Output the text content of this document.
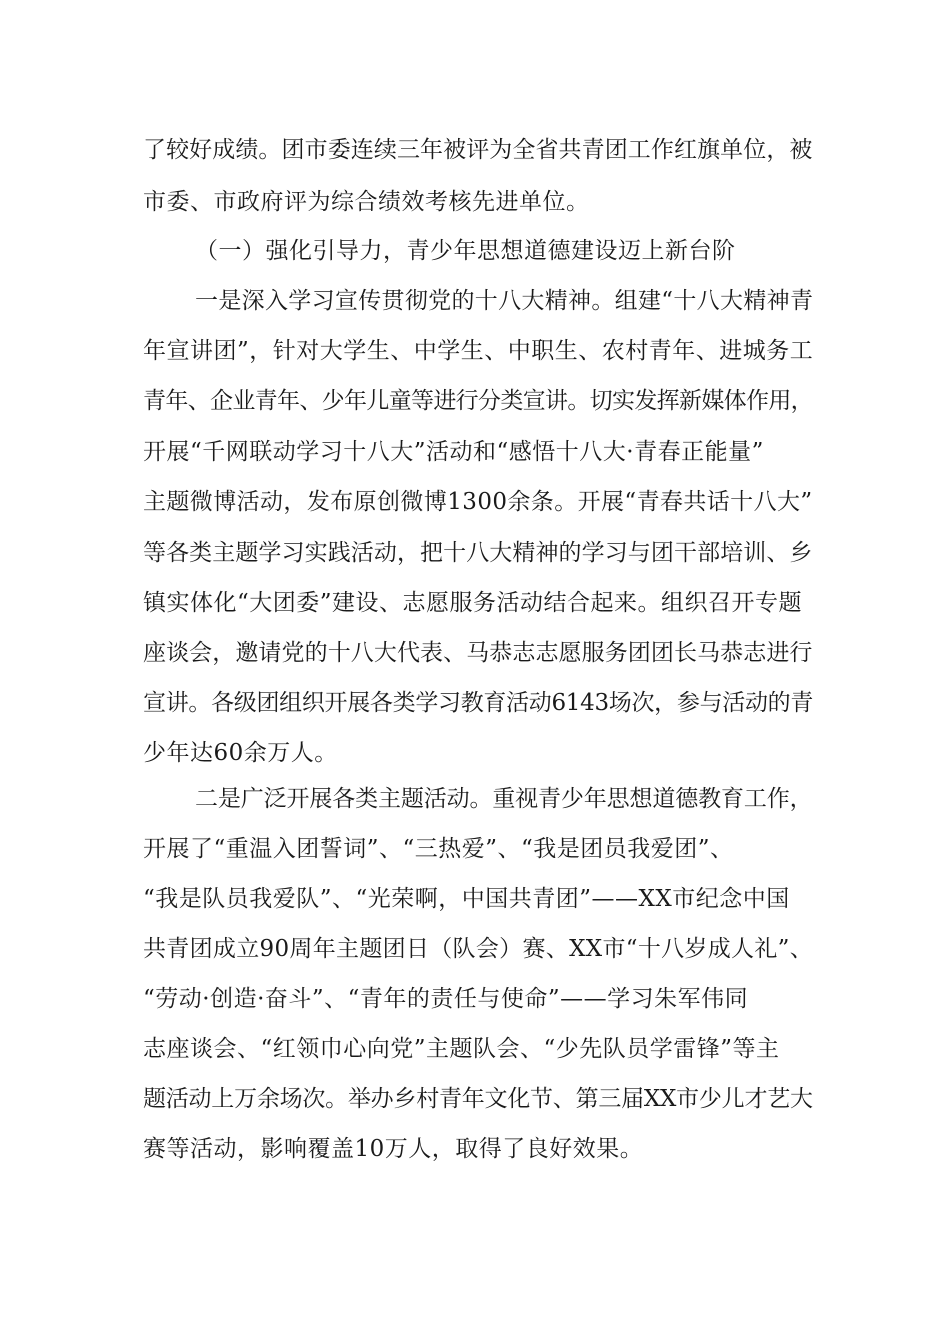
了较好成绩。团市委连续三年被评为全省共青团工作红旗单位，被
市委、市政府评为综合绩效考核先进单位。
（一）强化引导力，青少年思想道德建设迈上新台阶
一是深入学习宣传贯彻党的十八大精神。组建“十八大精神青
年宣讲团”，针对大学生、中学生、中职生、农村青年、进城务工
青年、企业青年、少年儿童等进行分类宣讲。切实发挥新媒体作用，
开展“千网联动学习十八大”活动和“感悟十八大·青春正能量”
主题微博活动，发布原创微博1300余条。开展“青春共话十八大”
等各类主题学习实践活动，把十八大精神的学习与团干部培训、乡
镇实体化“大团委”建设、志愿服务活动结合起来。组织召开专题
座谈会，邀请党的十八大代表、马恭志志愿服务团团长马恭志进行
宣讲。各级团组织开展各类学习教育活动6143场次，参与活动的青
少年达60余万人。
二是广泛开展各类主题活动。重视青少年思想道德教育工作，
开展了“重温入团誓词”、“三热爱”、“我是团员我爱团”、
“我是队员我爱队”、“光荣啊，中国共青团”——XX市纪念中国
共青团成立90周年主题团日（队会）赛、XX市“十八岁成人礼”、
“劳动·创造·奋斗”、“青年的责任与使命”——学习朱军伟同
志座谈会、“红领巾心向党”主题队会、“少先队员学雷锋”等主
题活动上万余场次。举办乡村青年文化节、第三届XX市少儿才艺大
赛等活动，影响覆盖10万人，取得了良好效果。
